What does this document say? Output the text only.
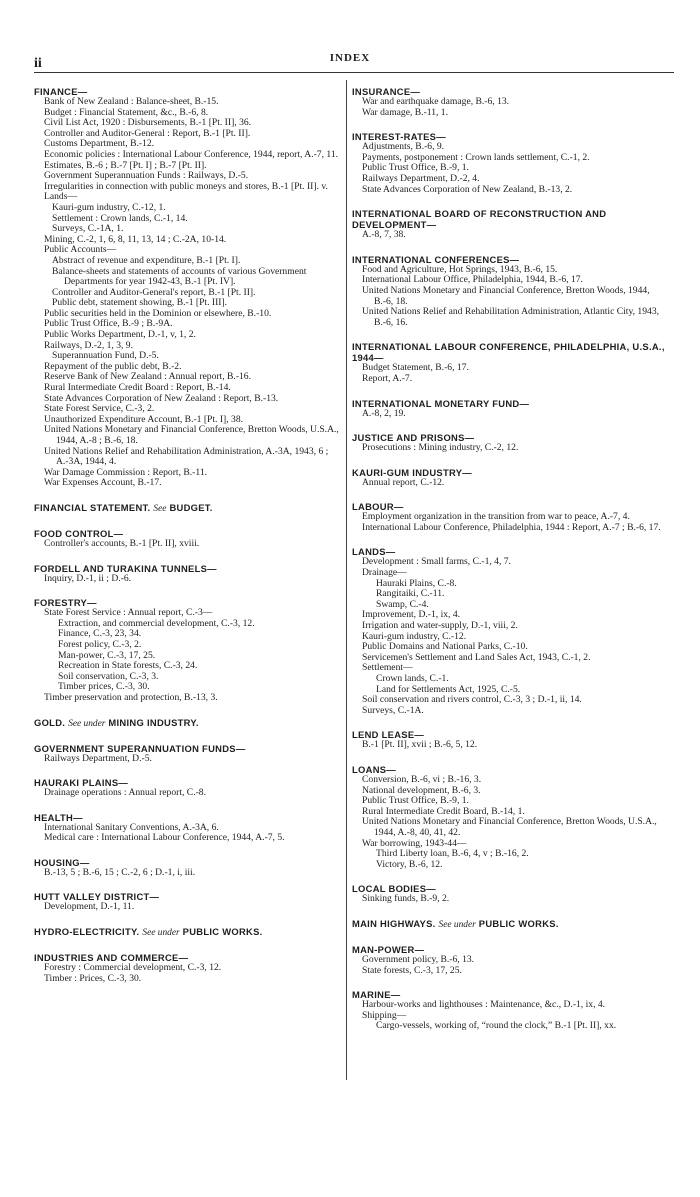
ii	INDEX
FINANCE—
Bank of New Zealand : Balance-sheet, B.-15.
Budget : Financial Statement, &c., B.-6, 8.
Civil List Act, 1920 : Disbursements, B.-1 [Pt. II], 36.
Controller and Auditor-General : Report, B.-1 [Pt. II].
Customs Department, B.-12.
Economic policies : International Labour Conference, 1944, report, A.-7, 11.
Estimates, B.-6 ; B.-7 [Pt. I] ; B.-7 [Pt. II].
Government Superannuation Funds : Railways, D.-5.
Irregularities in connection with public moneys and stores, B.-1 [Pt. II]. v.
Lands—
Kauri-gum industry, C.-12, 1.
Settlement : Crown lands, C.-1, 14.
Surveys, C.-1A, 1.
Mining, C.-2, 1, 6, 8, 11, 13, 14 ; C.-2A, 10-14.
Public Accounts—
Abstract of revenue and expenditure, B.-1 [Pt. I].
Balance-sheets and statements of accounts of various Government Departments for year 1942-43, B.-1 [Pt. IV].
Controller and Auditor-General's report, B.-1 [Pt. II].
Public debt, statement showing, B.-1 [Pt. III].
Public securities held in the Dominion or elsewhere, B.-10.
Public Trust Office, B.-9 ; B.-9A.
Public Works Department, D.-1, v, 1, 2.
Railways, D.-2, 1, 3, 9.
Superannuation Fund, D.-5.
Repayment of the public debt, B.-2.
Reserve Bank of New Zealand : Annual report, B.-16.
Rural Intermediate Credit Board : Report, B.-14.
State Advances Corporation of New Zealand : Report, B.-13.
State Forest Service, C.-3, 2.
Unauthorized Expenditure Account, B.-1 [Pt. I], 38.
United Nations Monetary and Financial Conference, Bretton Woods, U.S.A., 1944, A.-8 ; B.-6, 18.
United Nations Relief and Rehabilitation Administration, A.-3A, 1943, 6 ; A.-3A, 1944, 4.
War Damage Commission : Report, B.-11.
War Expenses Account, B.-17.
FINANCIAL STATEMENT. See BUDGET.
FOOD CONTROL—
Controller's accounts, B.-1 [Pt. II], xviii.
FORDELL AND TURAKINA TUNNELS—
Inquiry, D.-1, ii ; D.-6.
FORESTRY—
State Forest Service : Annual report, C.-3—
Extraction, and commercial development, C.-3, 12.
Finance, C.-3, 23, 34.
Forest policy, C.-3, 2.
Man-power, C.-3, 17, 25.
Recreation in State forests, C.-3, 24.
Soil conservation, C.-3, 3.
Timber prices, C.-3, 30.
Timber preservation and protection, B.-13, 3.
GOLD. See under MINING INDUSTRY.
GOVERNMENT SUPERANNUATION FUNDS—
Railways Department, D.-5.
HAURAKI PLAINS—
Drainage operations : Annual report, C.-8.
HEALTH—
International Sanitary Conventions, A.-3A, 6.
Medical care : International Labour Conference, 1944, A.-7, 5.
HOUSING—
B.-13, 5 ; B.-6, 15 ; C.-2, 6 ; D.-1, i, iii.
HUTT VALLEY DISTRICT—
Development, D.-1, 11.
HYDRO-ELECTRICITY. See under PUBLIC WORKS.
INDUSTRIES AND COMMERCE—
Forestry : Commercial development, C.-3, 12.
Timber : Prices, C.-3, 30.
INSURANCE—
War and earthquake damage, B.-6, 13.
War damage, B.-11, 1.
INTEREST-RATES—
Adjustments, B.-6, 9.
Payments, postponement : Crown lands settlement, C.-1, 2.
Public Trust Office, B.-9, 1.
Railways Department, D.-2, 4.
State Advances Corporation of New Zealand, B.-13, 2.
INTERNATIONAL BOARD OF RECONSTRUCTION AND DEVELOPMENT—
A.-8, 7, 38.
INTERNATIONAL CONFERENCES—
Food and Agriculture, Hot Springs, 1943, B.-6, 15.
International Labour Office, Philadelphia, 1944, B.-6, 17.
United Nations Monetary and Financial Conference, Bretton Woods, 1944, B.-6, 18.
United Nations Relief and Rehabilitation Administration, Atlantic City, 1943, B.-6, 16.
INTERNATIONAL LABOUR CONFERENCE, PHILADELPHIA, U.S.A., 1944—
Budget Statement, B.-6, 17.
Report, A.-7.
INTERNATIONAL MONETARY FUND—
A.-8, 2, 19.
JUSTICE AND PRISONS—
Prosecutions : Mining industry, C.-2, 12.
KAURI-GUM INDUSTRY—
Annual report, C.-12.
LABOUR—
Employment organization in the transition from war to peace, A.-7, 4.
International Labour Conference, Philadelphia, 1944 : Report, A.-7 ; B.-6, 17.
LANDS—
Development : Small farms, C.-1, 4, 7.
Drainage—
Hauraki Plains, C.-8.
Rangitaiki, C.-11.
Swamp, C.-4.
Improvement, D.-1, ix, 4.
Irrigation and water-supply, D.-1, viii, 2.
Kauri-gum industry, C.-12.
Public Domains and National Parks, C.-10.
Servicemen's Settlement and Land Sales Act, 1943, C.-1, 2.
Settlement—
Crown lands, C.-1.
Land for Settlements Act, 1925, C.-5.
Soil conservation and rivers control, C.-3, 3 ; D.-1, ii, 14.
Surveys, C.-1A.
LEND LEASE—
B.-1 [Pt. II], xvii ; B.-6, 5, 12.
LOANS—
Conversion, B.-6, vi ; B.-16, 3.
National development, B.-6, 3.
Public Trust Office, B.-9, 1.
Rural Intermediate Credit Board, B.-14, 1.
United Nations Monetary and Financial Conference, Bretton Woods, U.S.A., 1944, A.-8, 40, 41, 42.
War borrowing, 1943-44—
Third Liberty loan, B.-6, 4, v ; B.-16, 2.
Victory, B.-6, 12.
LOCAL BODIES—
Sinking funds, B.-9, 2.
MAIN HIGHWAYS. See under PUBLIC WORKS.
MAN-POWER—
Government policy, B.-6, 13.
State forests, C.-3, 17, 25.
MARINE—
Harbour-works and lighthouses : Maintenance, &c., D.-1, ix, 4.
Shipping—
Cargo-vessels, working of, “round the clock,” B.-1 [Pt. II], xx.
